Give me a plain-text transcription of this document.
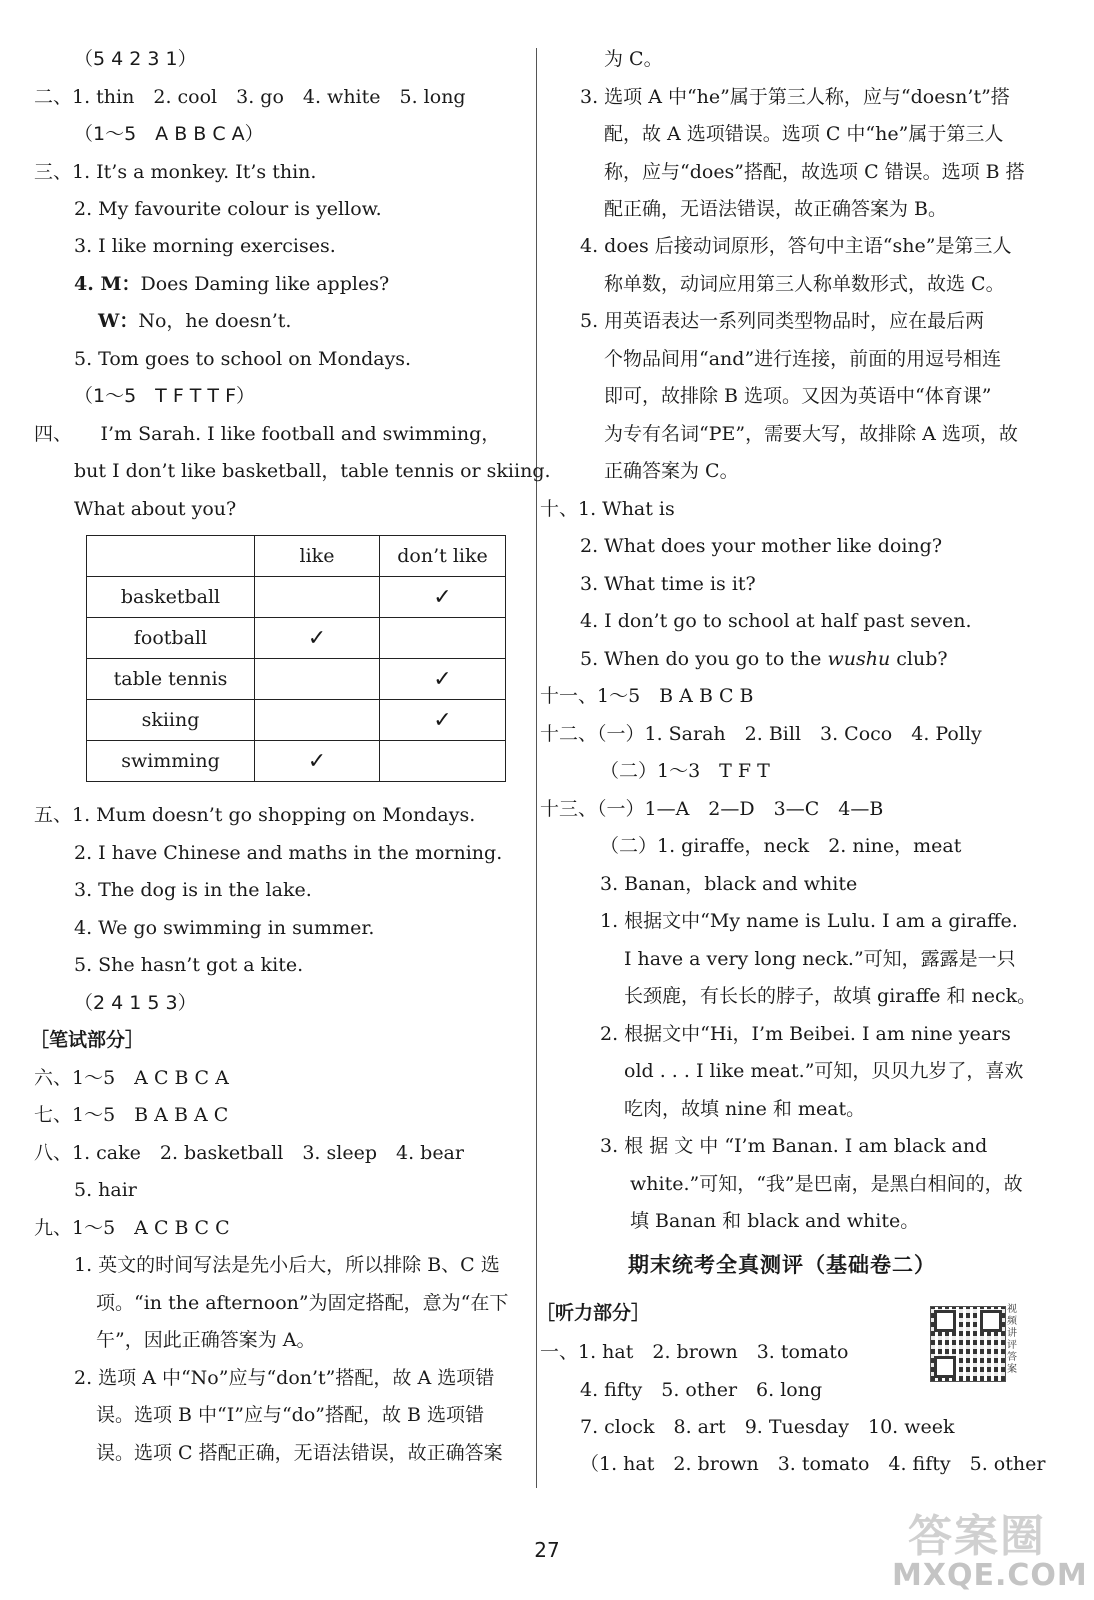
（5 4 2 3 1）
二、1. thin　2. cool　3. go　4. white　5. long
（1～5　A B B C A）
三、1. It’s a monkey. It’s thin.
2. My favourite colour is yellow.
3. I like morning exercises.
4. M：Does Daming like apples?
W：No，he doesn’t.
5. Tom goes to school on Mondays.
（1～5　T F T T F）
四、　　I’m Sarah. I like football and swimming，
but I don’t like basketball，table tennis or skiing.
What about you?
	like	don’t like
basketball		✓
football	✓	
table tennis		✓
skiing		✓
swimming	✓	
五、1. Mum doesn’t go shopping on Mondays.
2. I have Chinese and maths in the morning.
3. The dog is in the lake.
4. We go swimming in summer.
5. She hasn’t got a kite.
（2 4 1 5 3）
［笔试部分］
六、1～5　A C B C A
七、1～5　B A B A C
八、1. cake　2. basketball　3. sleep　4. bear
5. hair
九、1～5　A C B C C
1. 英文的时间写法是先小后大，所以排除 B、C 选
项。“in the afternoon”为固定搭配，意为“在下
午”，因此正确答案为 A。
2. 选项 A 中“No”应与“don’t”搭配，故 A 选项错
误。选项 B 中“I”应与“do”搭配，故 B 选项错
误。选项 C 搭配正确，无语法错误，故正确答案
为 C。
3. 选项 A 中“he”属于第三人称，应与“doesn’t”搭
配，故 A 选项错误。选项 C 中“he”属于第三人
称，应与“does”搭配，故选项 C 错误。选项 B 搭
配正确，无语法错误，故正确答案为 B。
4. does 后接动词原形，答句中主语“she”是第三人
称单数，动词应用第三人称单数形式，故选 C。
5. 用英语表达一系列同类型物品时，应在最后两
个物品间用“and”进行连接，前面的用逗号相连
即可，故排除 B 选项。又因为英语中“体育课”
为专有名词“PE”，需要大写，故排除 A 选项，故
正确答案为 C。
十、1. What is
2. What does your mother like doing?
3. What time is it?
4. I don’t go to school at half past seven.
5. When do you go to the wushu club?
十一、1～5　B A B C B
十二、（一）1. Sarah　2. Bill　3. Coco　4. Polly
（二）1～3　T F T
十三、（一）1—A　2—D　3—C　4—B
（二）1. giraffe，neck　2. nine，meat
3. Banan，black and white
1. 根据文中“My name is Lulu. I am a giraffe.
I have a very long neck.”可知，露露是一只
长颈鹿，有长长的脖子，故填 giraffe 和 neck。
2. 根据文中“Hi，I’m Beibei. I am nine years
old . . . I like meat.”可知，贝贝九岁了，喜欢
吃肉，故填 nine 和 meat。
3. 根 据 文 中 “I’m Banan. I am black and
white.”可知，“我”是巴南，是黑白相间的，故
填 Banan 和 black and white。
期末统考全真测评（基础卷二）
［听力部分］
一、1. hat　2. brown　3. tomato
4. fifty　5. other　6. long
7. clock　8. art　9. Tuesday　10. week
（1. hat　2. brown　3. tomato　4. fifty　5. other
视频讲评答案
27	答案圈
MXQE.COM
